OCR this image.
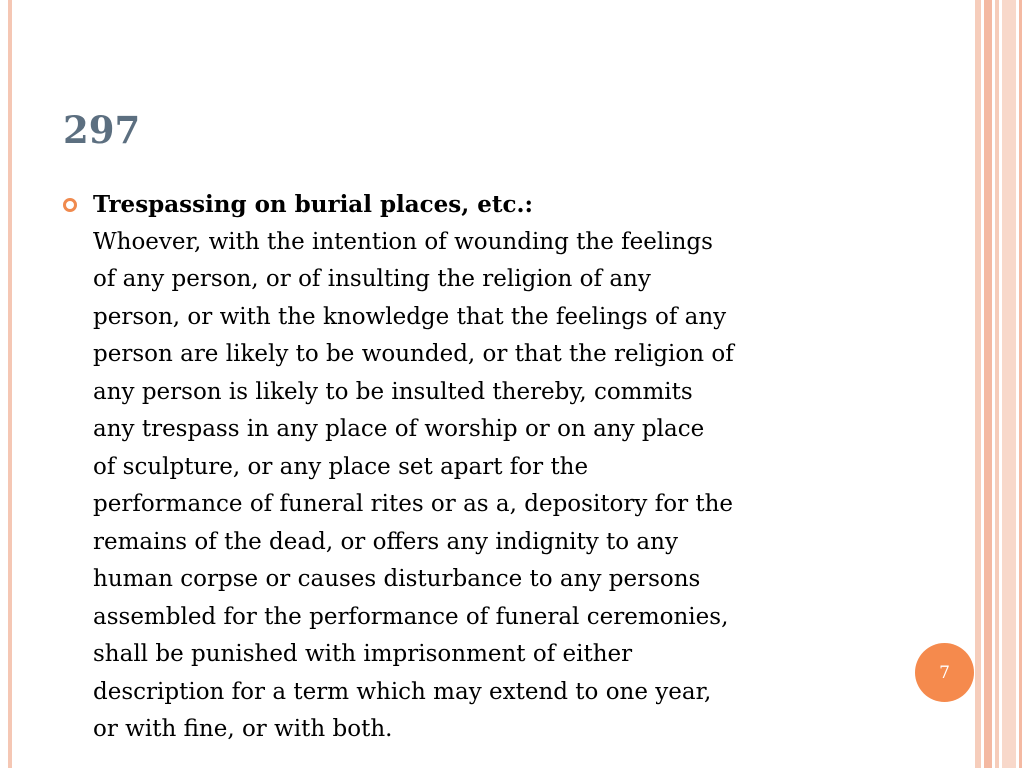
297
Trespassing on burial places, etc.:
Whoever, with the intention of wounding the feelings
of any person, or of insulting the religion of any
person, or with the knowledge that the feelings of any
person are likely to be wounded, or that the religion of
any person is likely to be insulted thereby, commits
any trespass in any place of worship or on any place
of sculpture, or any place set apart for the
performance of funeral rites or as a, depository for the
remains of the dead, or offers any indignity to any
human corpse or causes disturbance to any persons
assembled for the performance of funeral ceremonies,
shall be punished with imprisonment of either
description for a term which may extend to one year,
or with fine, or with both.
7
